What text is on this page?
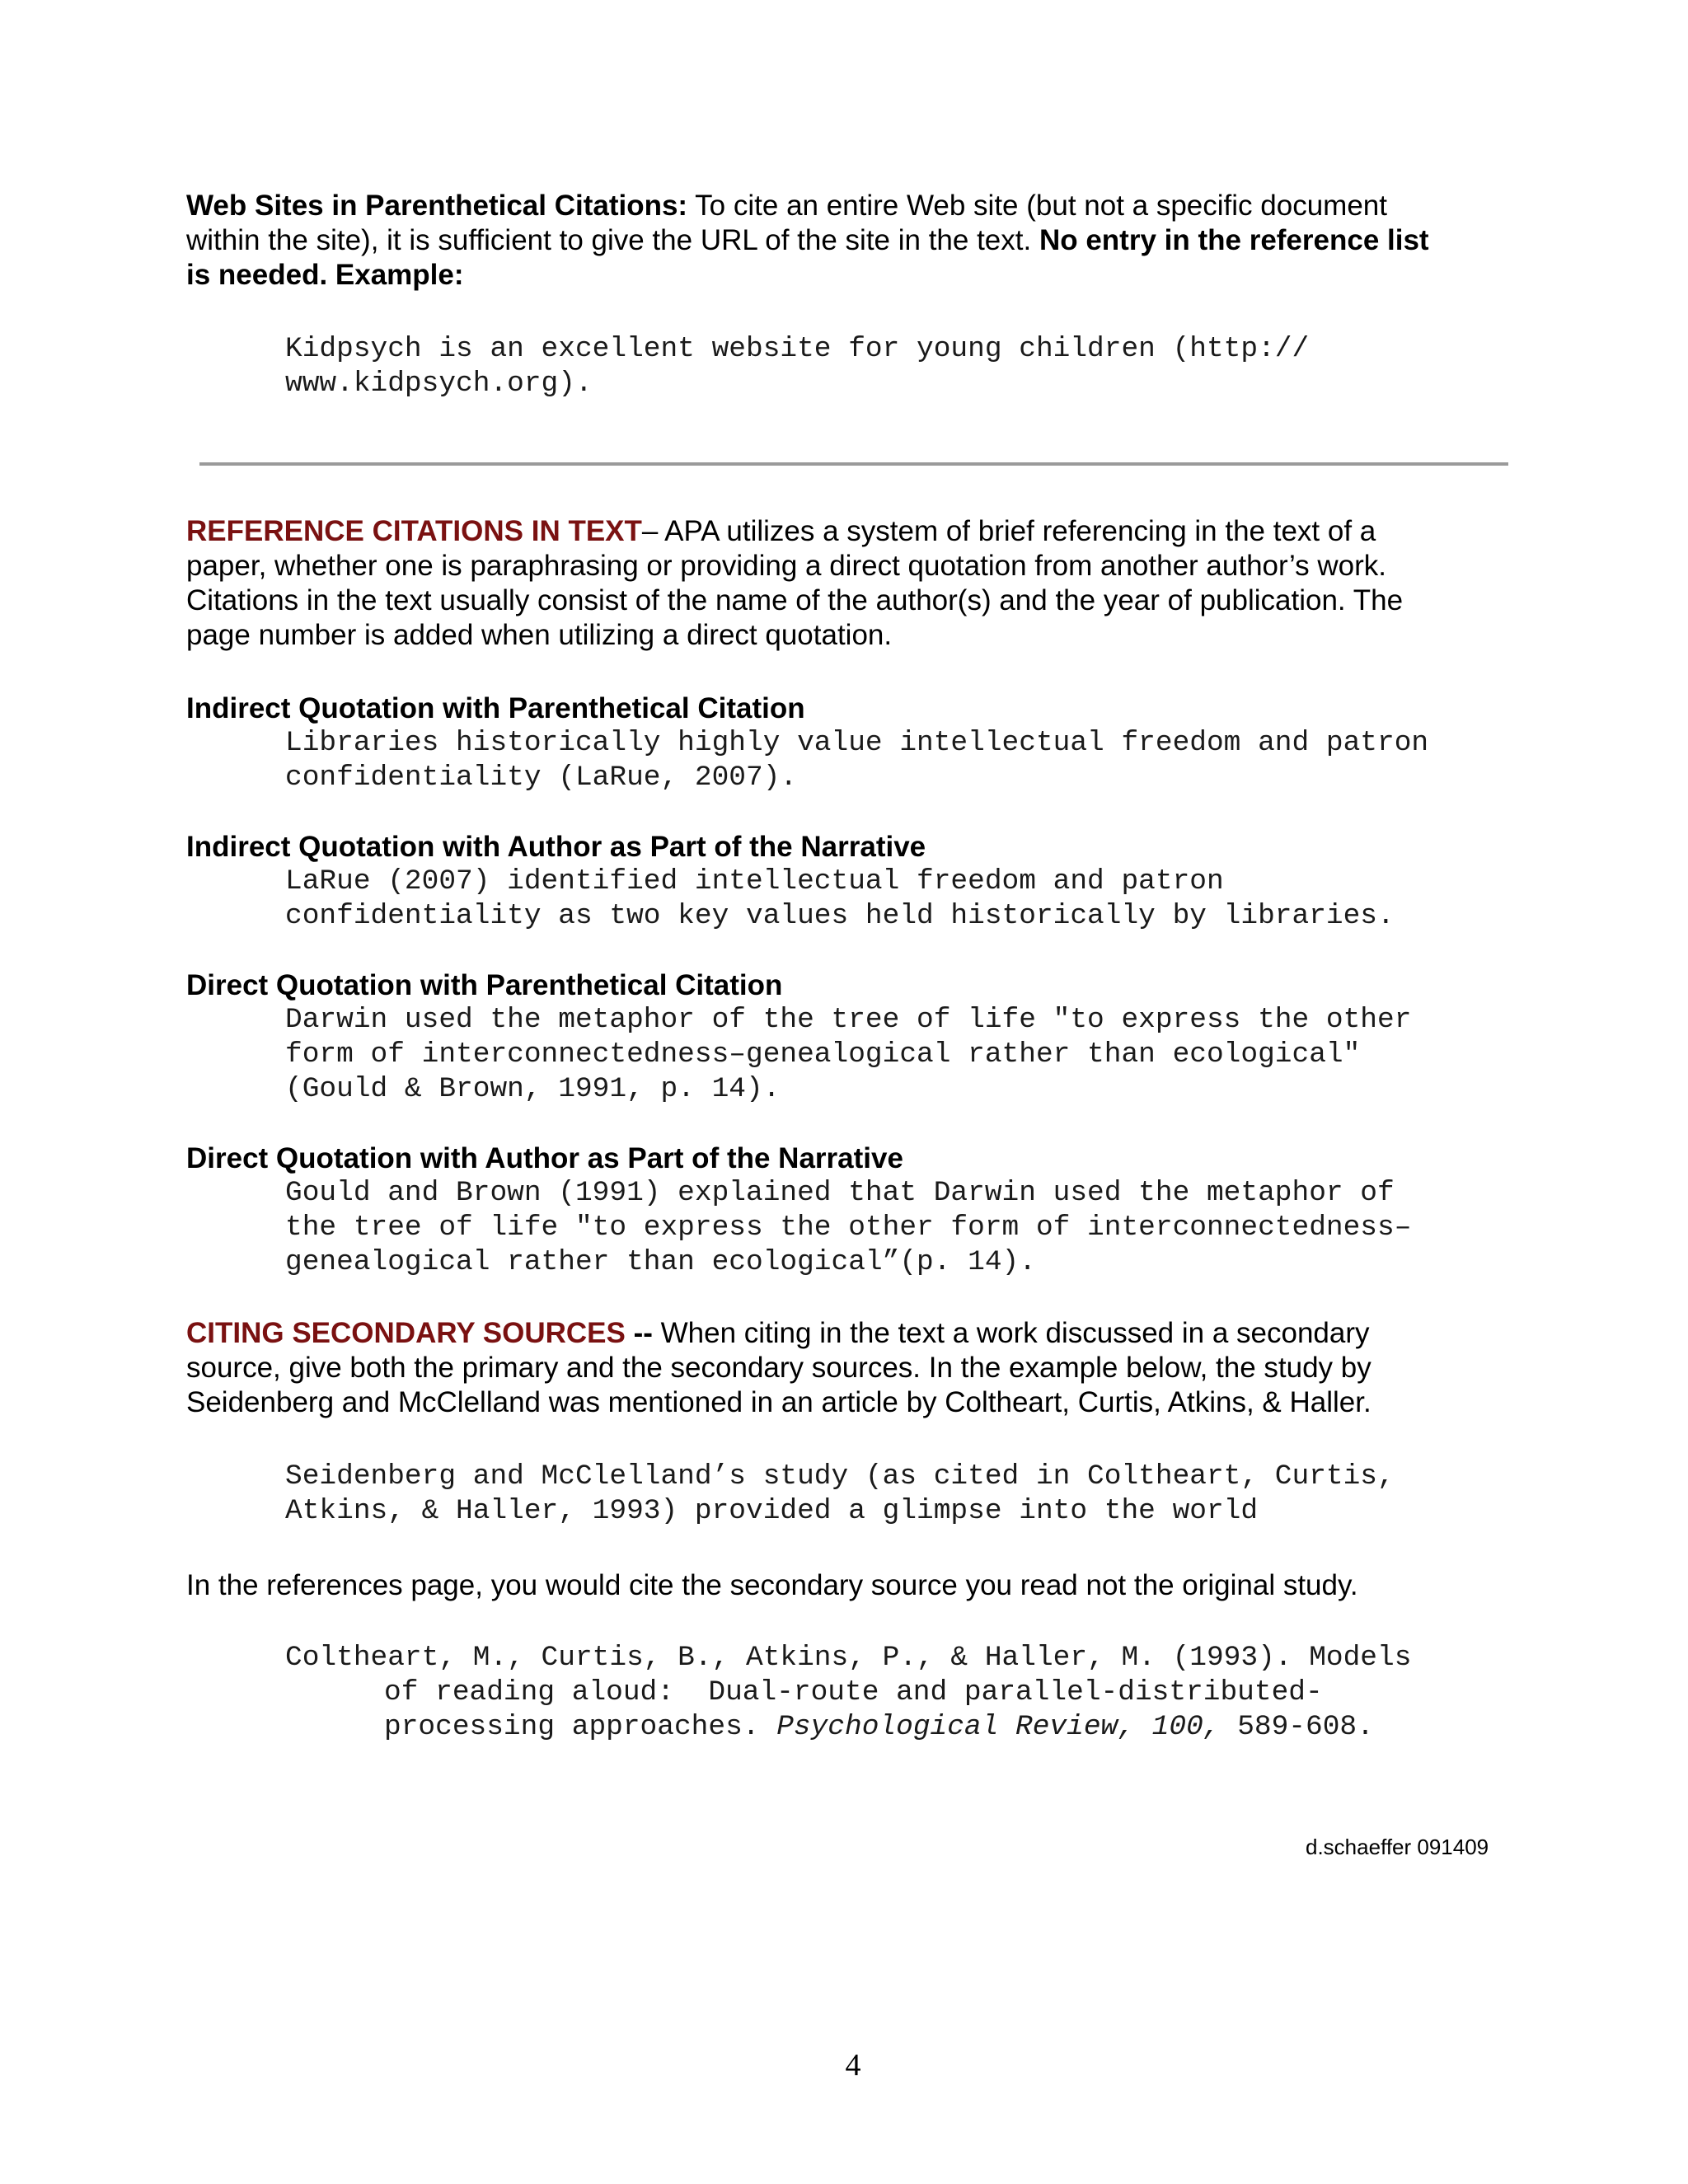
Web Sites in Parenthetical Citations: To cite an entire Web site (but not a specific document
within the site), it is sufficient to give the URL of the site in the text. No entry in the reference list
is needed. Example:
Kidpsych is an excellent website for young children (http://
www.kidpsych.org).
REFERENCE CITATIONS IN TEXT– APA utilizes a system of brief referencing in the text of a
paper, whether one is paraphrasing or providing a direct quotation from another author’s work.
Citations in the text usually consist of the name of the author(s) and the year of publication. The
page number is added when utilizing a direct quotation.
Indirect Quotation with Parenthetical Citation
Libraries historically highly value intellectual freedom and patron
confidentiality (LaRue, 2007).
Indirect Quotation with Author as Part of the Narrative
LaRue (2007) identified intellectual freedom and patron
confidentiality as two key values held historically by libraries.
Direct Quotation with Parenthetical Citation
Darwin used the metaphor of the tree of life "to express the other
form of interconnectedness–genealogical rather than ecological"
(Gould & Brown, 1991, p. 14).
Direct Quotation with Author as Part of the Narrative
Gould and Brown (1991) explained that Darwin used the metaphor of
the tree of life "to express the other form of interconnectedness–
genealogical rather than ecological”(p. 14).
CITING SECONDARY SOURCES -- When citing in the text a work discussed in a secondary
source, give both the primary and the secondary sources. In the example below, the study by
Seidenberg and McClelland was mentioned in an article by Coltheart, Curtis, Atkins, & Haller.
Seidenberg and McClelland’s study (as cited in Coltheart, Curtis,
Atkins, & Haller, 1993) provided a glimpse into the world
In the references page, you would cite the secondary source you read not the original study.
Coltheart, M., Curtis, B., Atkins, P., & Haller, M. (1993). Models
of reading aloud:  Dual-route and parallel-distributed-
processing approaches. Psychological Review, 100, 589-608.
d.schaeffer 091409
4
